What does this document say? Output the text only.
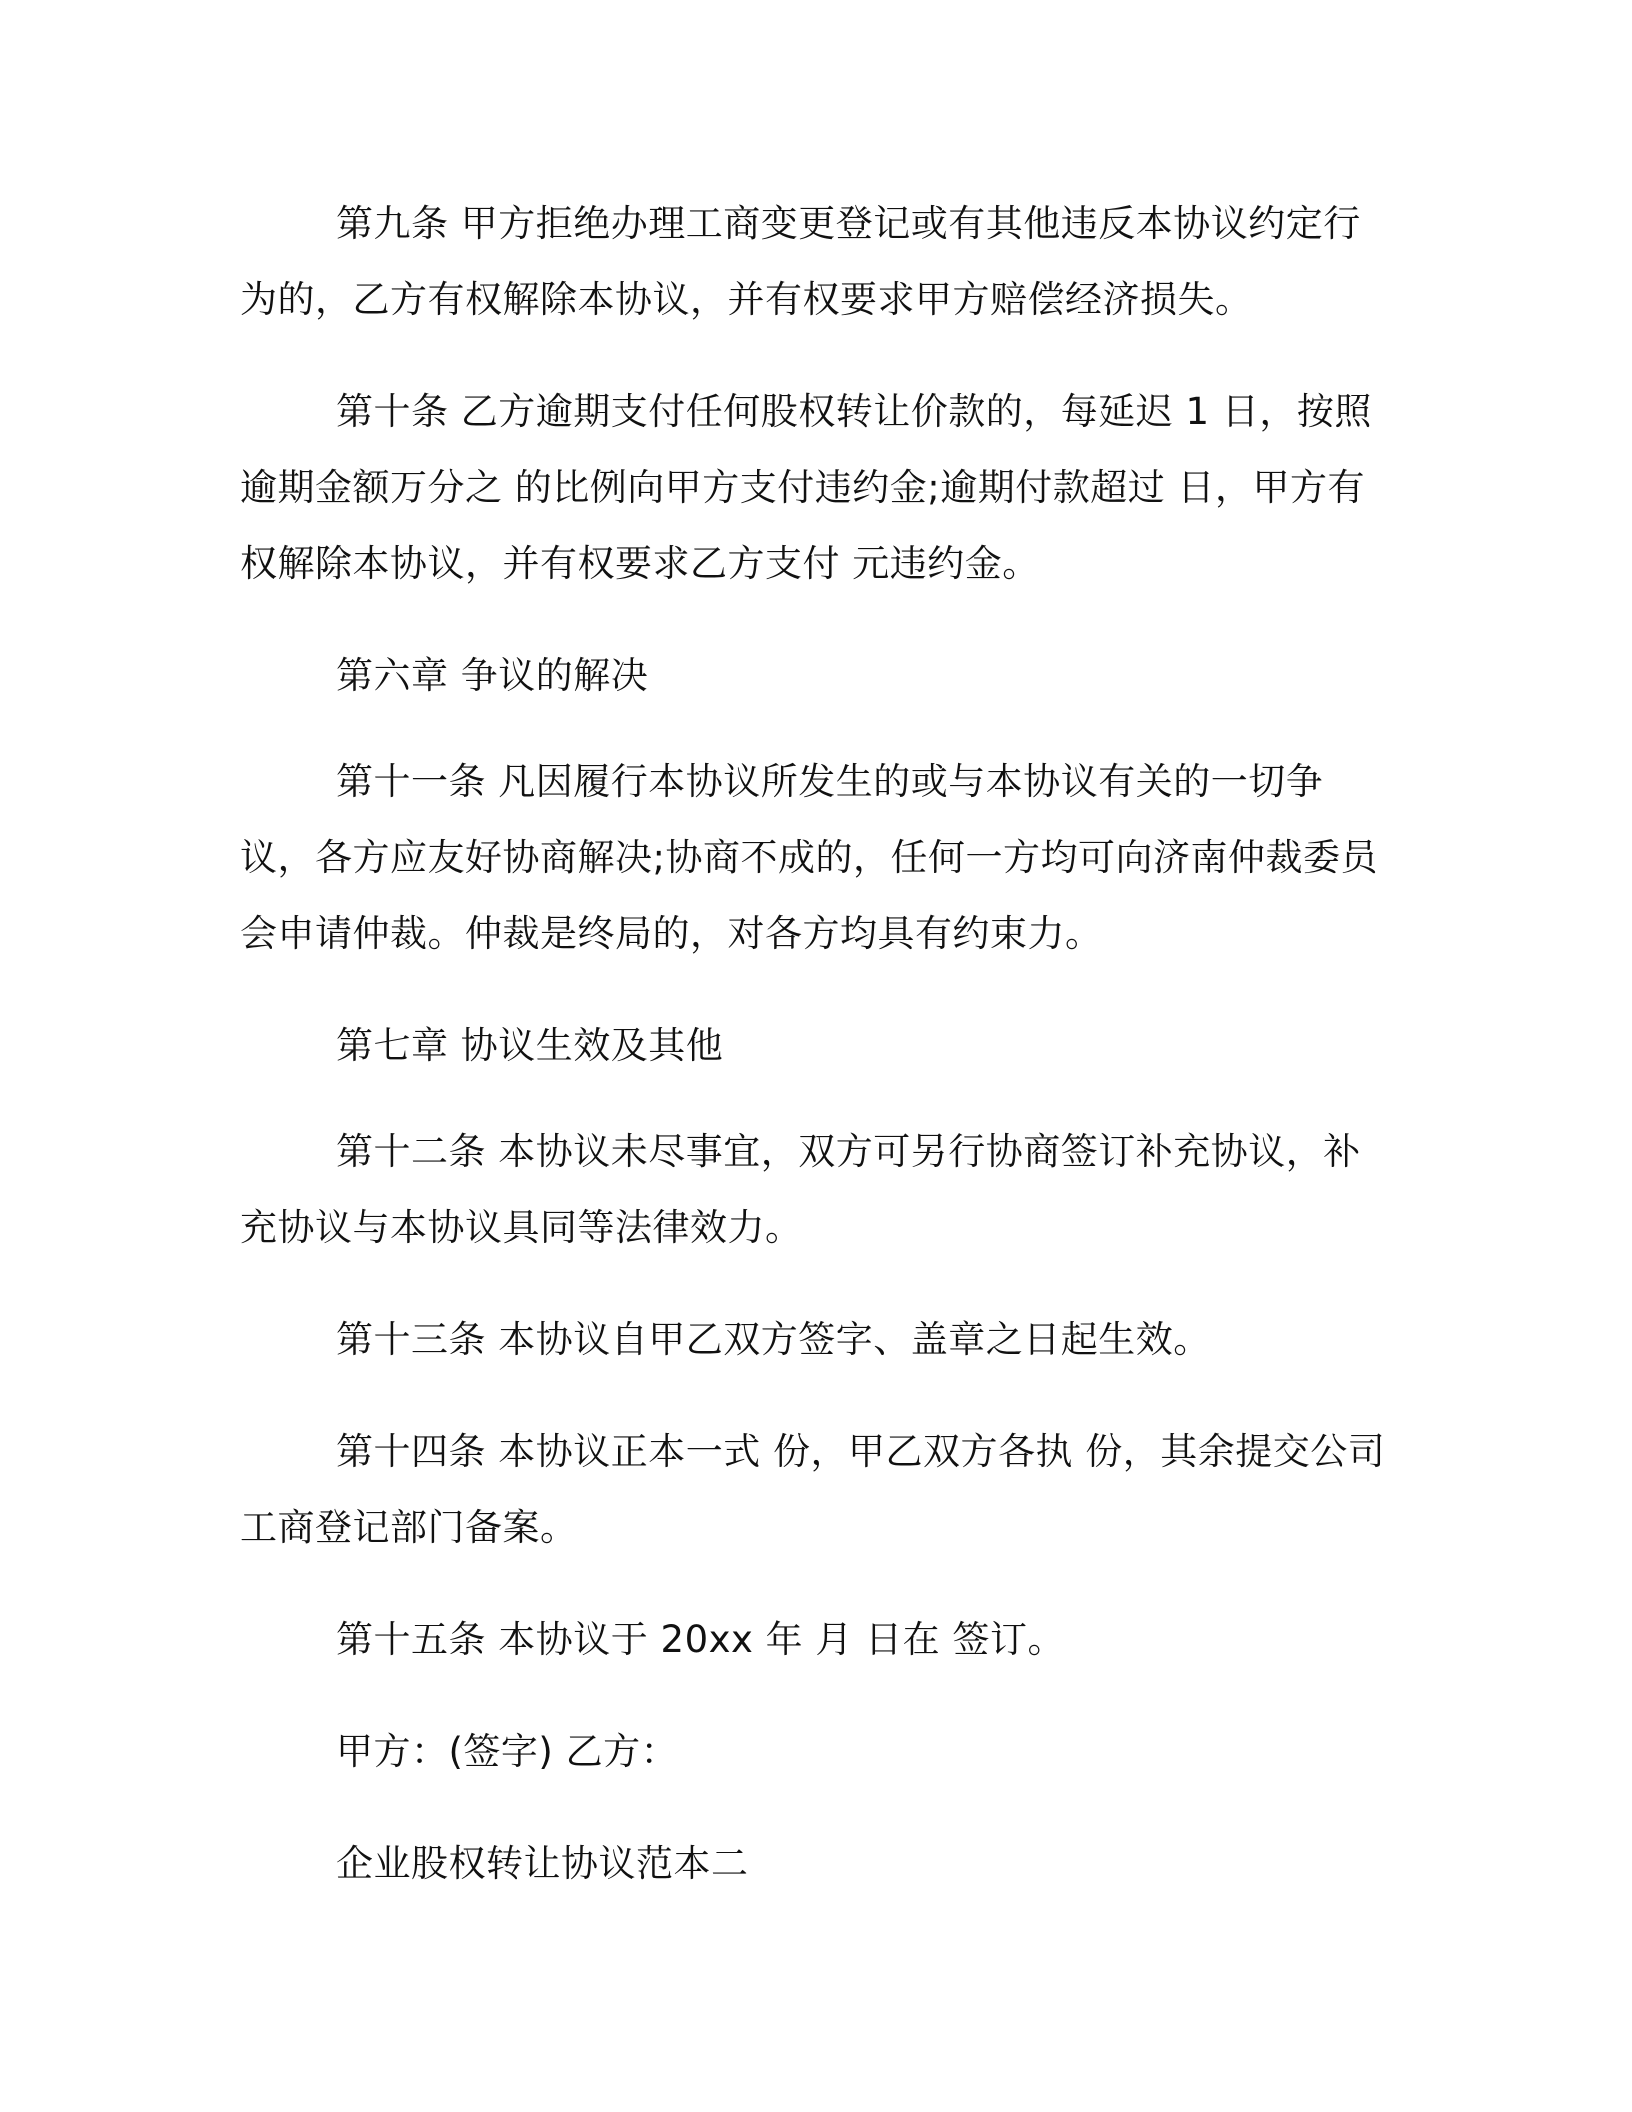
第九条 甲方拒绝办理工商变更登记或有其他违反本协议约定行为的，乙方有权解除本协议，并有权要求甲方赔偿经济损失。

第十条 乙方逾期支付任何股权转让价款的，每延迟 1 日，按照逾期金额万分之 的比例向甲方支付违约金;逾期付款超过 日，甲方有权解除本协议，并有权要求乙方支付 元违约金。

第六章 争议的解决

第十一条 凡因履行本协议所发生的或与本协议有关的一切争议，各方应友好协商解决;协商不成的，任何一方均可向济南仲裁委员会申请仲裁。仲裁是终局的，对各方均具有约束力。

第七章 协议生效及其他

第十二条 本协议未尽事宜，双方可另行协商签订补充协议，补充协议与本协议具同等法律效力。

第十三条 本协议自甲乙双方签字、盖章之日起生效。

第十四条 本协议正本一式 份，甲乙双方各执 份，其余提交公司工商登记部门备案。

第十五条 本协议于 20xx 年 月 日在 签订。

甲方：(签字) 乙方：

企业股权转让协议范本二
